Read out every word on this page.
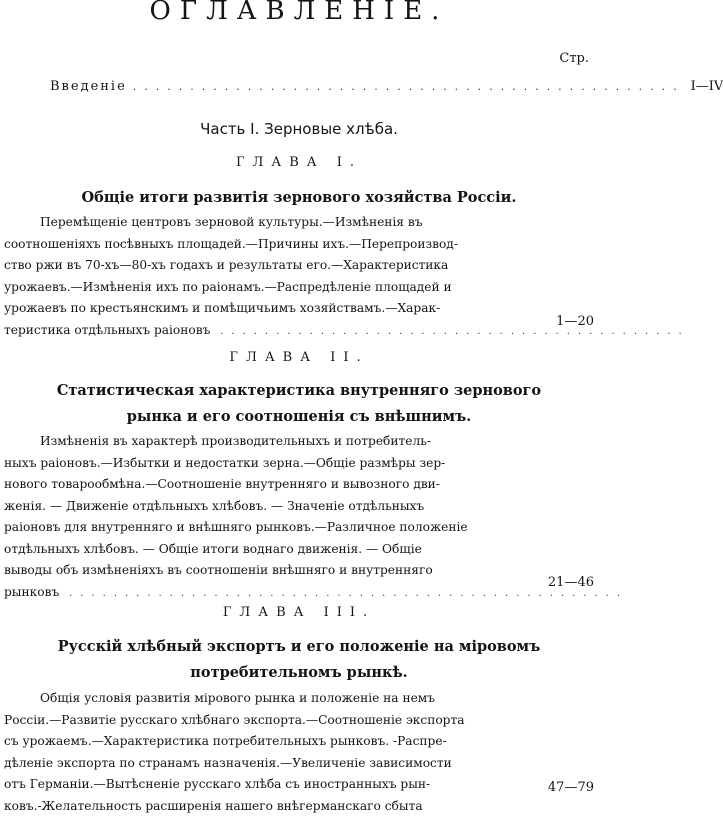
ОГЛАВЛЕНІЕ.
Стр.
Введеніе ................................................ I—IV
Часть I. Зерновые хлѣба.
ГЛАВА I.
Общіе итоги развитія зернового хозяйства Россіи.
Перемѣщеніе центровъ зерновой культуры.—Измѣненія въ
соотношеніяхъ посѣвныхъ площадей.—Причины ихъ.—Перепроизвод-
ство ржи въ 70-хъ—80-хъ годахъ и результаты его.—Характеристика
урожаевъ.—Измѣненія ихъ по раіонамъ.—Распредѣленіе площадей и
урожаевъ по крестьянскимъ и помѣщичьимъ хозяйствамъ.—Харак-
теристика отдѣльныхъ раіоновъ ..........................................
1—20
ГЛАВА II.
Статистическая характеристика внутренняго зернового
рынка и его соотношенія съ внѣшнимъ.
Измѣненія въ характерѣ производительныхъ и потребитель-
ныхъ раіоновъ.—Избытки и недостатки зерна.—Общіе размѣры зер-
нового товарообмѣна.—Соотношеніе внутренняго и вывозного дви-
женія. — Движеніе отдѣльныхъ хлѣбовъ. — Значеніе отдѣльныхъ
раіоновъ для внутренняго и внѣшняго рынковъ.—Различное положеніе
отдѣльныхъ хлѣбовъ. — Общіе итоги воднаго движенія. — Общіе
выводы объ измѣненіяхъ въ соотношеніи внѣшняго и внутренняго
рынковъ ..................................................
21—46
ГЛАВА III.
Русскій хлѣбный экспортъ и его положеніе на міровомъ
потребительномъ рынкѣ.
Общія условія развитія мірового рынка и положеніе на немъ
Россіи.—Развитіе русскаго хлѣбнаго экспорта.—Соотношеніе экспорта
съ урожаемъ.—Характеристика потребительныхъ рынковъ. -Распре-
дѣленіе экспорта по странамъ назначенія.—Увеличеніе зависимости
отъ Германіи.—Вытѣсненіе русскаго хлѣба съ иностранныхъ рын-
ковъ.-Желательность расширенія нашего внѣгерманскаго сбыта
47—79
